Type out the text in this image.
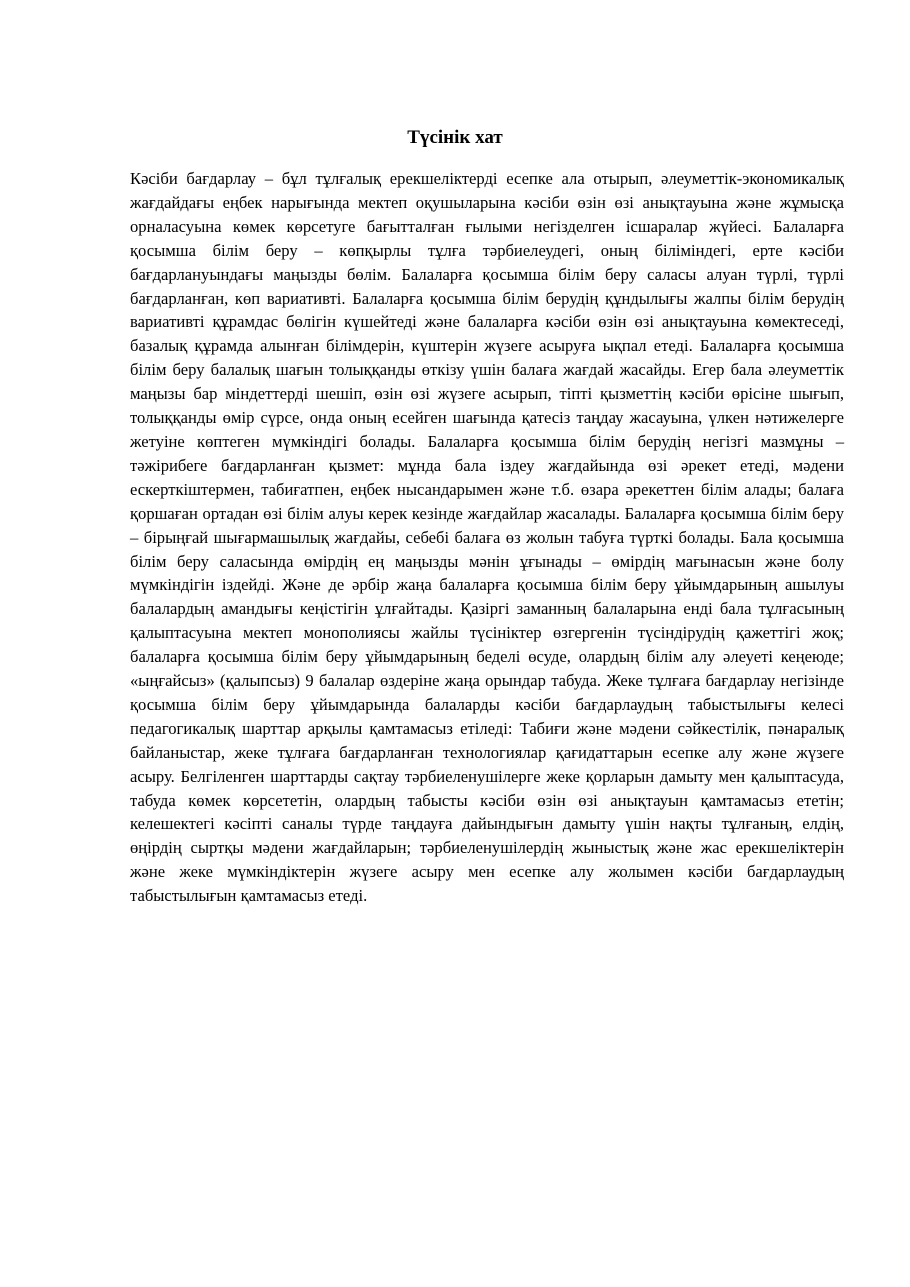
Түсінік хат

Кәсіби бағдарлау – бұл тұлғалық ерекшеліктерді есепке ала отырып, әлеуметтік-экономикалық жағдайдағы еңбек нарығында мектеп оқушыларына кәсіби өзін өзі анықтауына және жұмысқа орналасуына көмек көрсетуге бағытталған ғылыми негізделген ісшаралар жүйесі. Балаларға қосымша білім беру – көпқырлы тұлға тәрбиелеудегі, оның біліміндегі, ерте кәсіби бағдарлануындағы маңызды бөлім. Балаларға қосымша білім беру саласы алуан түрлі, түрлі бағдарланған, көп вариативті. Балаларға қосымша білім берудің құндылығы жалпы білім берудің вариативті құрамдас бөлігін күшейтеді және балаларға кәсіби өзін өзі анықтауына көмектеседі, базалық құрамда алынған білімдерін, күштерін жүзеге асыруға ықпал етеді. Балаларға қосымша білім беру балалық шағын толыққанды өткізу үшін балаға жағдай жасайды. Егер бала әлеуметтік маңызы бар міндеттерді шешіп, өзін өзі жүзеге асырып, тіпті қызметтің кәсіби өрісіне шығып, толыққанды өмір сүрсе, онда оның есейген шағында қатесіз таңдау жасауына, үлкен нәтижелерге жетуіне көптеген мүмкіндігі болады. Балаларға қосымша білім берудің негізгі мазмұны – тәжірибеге бағдарланған қызмет: мұнда бала іздеу жағдайында өзі әрекет етеді, мәдени ескерткіштермен, табиғатпен, еңбек нысандарымен және т.б. өзара әрекеттен білім алады; балаға қоршаған ортадан өзі білім алуы керек кезінде жағдайлар жасалады. Балаларға қосымша білім беру – бірыңғай шығармашылық жағдайы, себебі балаға өз жолын табуға түрткі болады. Бала қосымша білім беру саласында өмірдің ең маңызды мәнін ұғынады – өмірдің мағынасын және болу мүмкіндігін іздейді. Және де әрбір жаңа балаларға қосымша білім беру ұйымдарының ашылуы балалардың амандығы кеңістігін ұлғайтады. Қазіргі заманның балаларына енді бала тұлғасының қалыптасуына мектеп монополиясы жайлы түсініктер өзгергенін түсіндірудің қажеттігі жоқ; балаларға қосымша білім беру ұйымдарының беделі өсуде, олардың білім алу әлеуеті кеңеюде; «ыңғайсыз» (қалыпсыз) 9 балалар өздеріне жаңа орындар табуда. Жеке тұлғаға бағдарлау негізінде қосымша білім беру ұйымдарында балаларды кәсіби бағдарлаудың табыстылығы келесі педагогикалық шарттар арқылы қамтамасыз етіледі: Табиғи және мәдени сәйкестілік, пәнаралық байланыстар, жеке тұлғаға бағдарланған технологиялар қағидаттарын есепке алу және жүзеге асыру. Белгіленген шарттарды сақтау тәрбиеленушілерге жеке қорларын дамыту мен қалыптасуда, табуда көмек көрсететін, олардың табысты кәсіби өзін өзі анықтауын қамтамасыз ететін; келешектегі кәсіпті саналы түрде таңдауға дайындығын дамыту үшін нақты тұлғаның, елдің, өңірдің сыртқы мәдени жағдайларын; тәрбиеленушілердің жыныстық және жас ерекшеліктерін және жеке мүмкіндіктерін жүзеге асыру мен есепке алу жолымен кәсіби бағдарлаудың табыстылығын қамтамасыз етеді.
